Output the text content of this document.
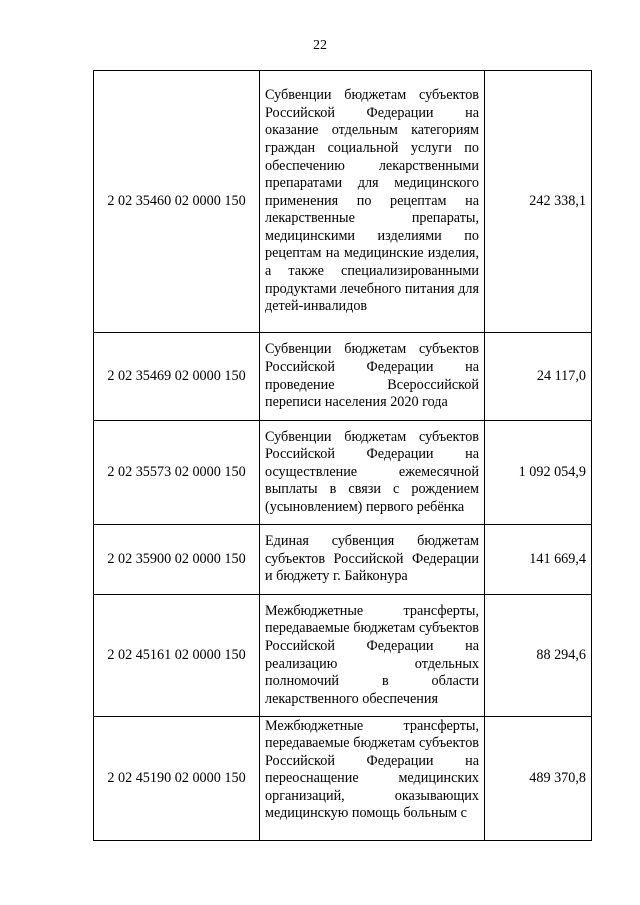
22
2 02 35460 02 0000 150	Субвенции бюджетам субъектов Российской Федерации на оказание отдельным категориям граждан социальной услуги по обеспечению лекарственными препаратами для медицинского применения по рецептам на лекарственные препараты, медицинскими изделиями по рецептам на медицинские изделия, а также специализированными продуктами лечебного питания для детей-инвалидов	242 338,1
2 02 35469 02 0000 150	Субвенции бюджетам субъектов Российской Федерации на проведение Всероссийской переписи населения 2020 года	24 117,0
2 02 35573 02 0000 150	Субвенции бюджетам субъектов Российской Федерации на осуществление ежемесячной выплаты в связи с рождением (усыновлением) первого ребёнка	1 092 054,9
2 02 35900 02 0000 150	Единая субвенция бюджетам субъектов Российской Федерации и бюджету г. Байконура	141 669,4
2 02 45161 02 0000 150	Межбюджетные трансферты, передаваемые бюджетам субъектов Российской Федерации на реализацию отдельных полномочий в области лекарственного обеспечения	88 294,6
2 02 45190 02 0000 150	Межбюджетные трансферты, передаваемые бюджетам субъектов Российской Федерации на переоснащение медицинских организаций, оказывающих медицинскую помощь больным с	489 370,8
